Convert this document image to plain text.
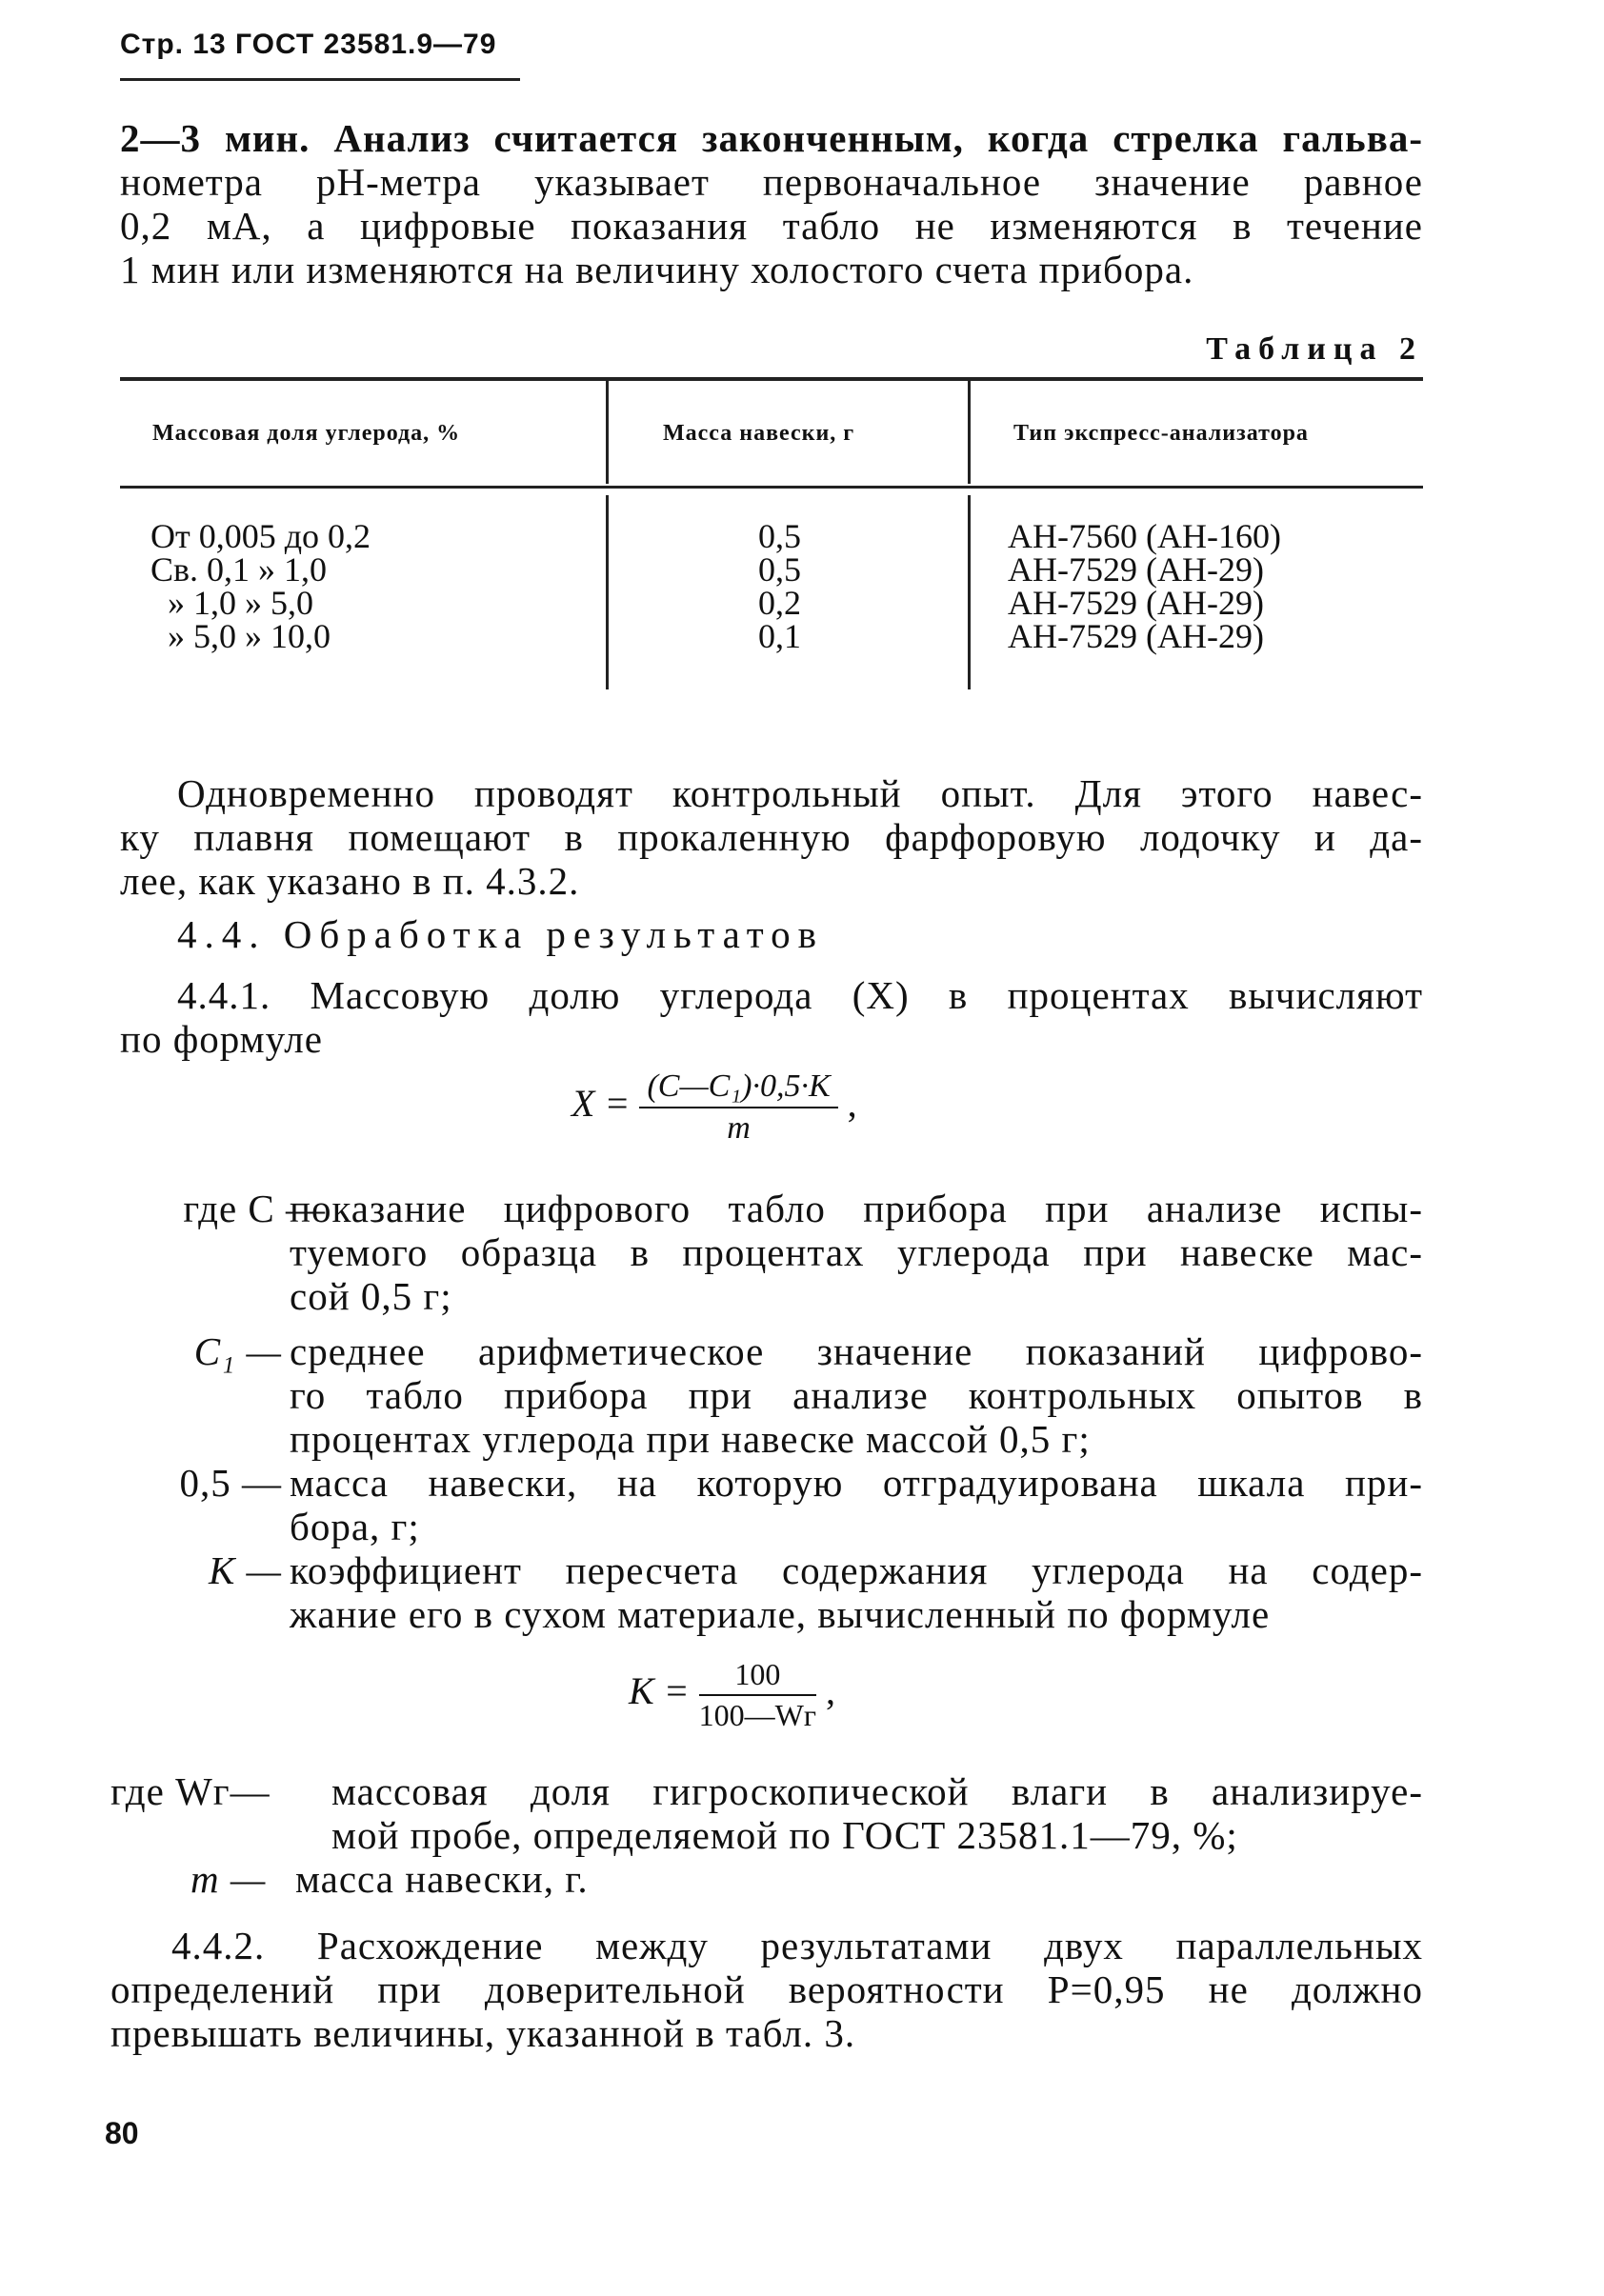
Стр. 13 ГОСТ 23581.9—79
2—3 мин. Анализ считается законченным, когда стрелка гальва-
нометра pH-метра указывает первоначальное значение равное
0,2 мА, а цифровые показания табло не изменяются в течение
1 мин или изменяются на величину холостого счета прибора.
Таблица 2
Массовая доля углерода, %	Масса навески, г	Тип экспресс-анализатора
От 0,005 до 0,2	0,5	АН-7560 (АН-160)
Св. 0,1 » 1,0	0,5	АН-7529 (АН-29)
» 1,0 » 5,0	0,2	АН-7529 (АН-29)
» 5,0 » 10,0	0,1	АН-7529 (АН-29)
Одновременно проводят контрольный опыт. Для этого навес-
ку плавня помещают в прокаленную фарфоровую лодочку и да-
лее, как указано в п. 4.3.2.
4.4. Обработка результатов
4.4.1. Массовую долю углерода (X) в процентах вычисляют
по формуле
$X = \frac{\text{(C—C₁)·0,5·K}}{m}$ ,
где C —
показание цифрового табло прибора при анализе испы-
туемого образца в процентах углерода при навеске мас-
сой 0,5 г;
C₁ — среднее арифметическое значение показаний цифрово-
го табло прибора при анализе контрольных опытов в
процентах углерода при навеске массой 0,5 г;
0,5 — масса навески, на которую отградуирована шкала при-
бора, г;
K — коэффициент пересчета содержания углерода на содер-
жание его в сухом материале, вычисленный по формуле
$K = \frac{100}{100—Wг}$ ,
где Wг—	массовая доля гигроскопической влаги в анализируе-
мой пробе, определяемой по ГОСТ 23581.1—79, %;
m — масса навески, г.
4.4.2. Расхождение между результатами двух параллельных
определений при доверительной вероятности P=0,95 не должно
превышать величины, указанной в табл. 3.
80
